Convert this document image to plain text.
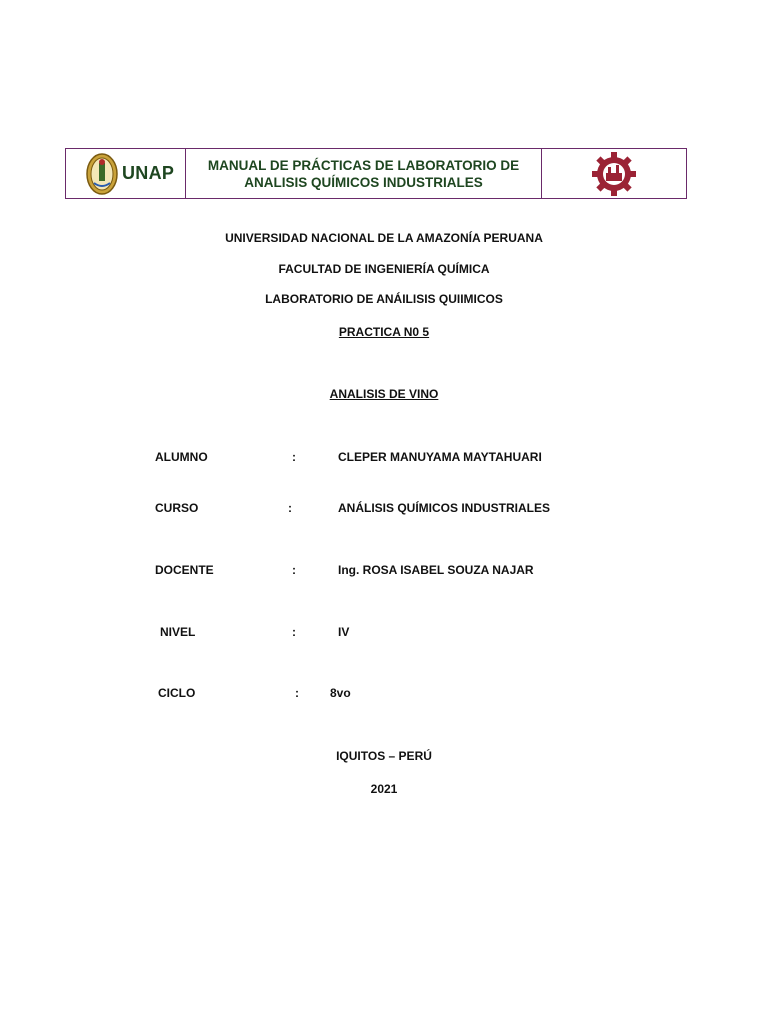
UNAP MANUAL DE PRÁCTICAS DE LABORATORIO DE
ANALISIS QUÍMICOS INDUSTRIALES
UNIVERSIDAD NACIONAL DE LA AMAZONÍA PERUANA
FACULTAD DE INGENIERÍA QUÍMICA
LABORATORIO DE ANÁILISIS QUIIMICOS
PRACTICA N0 5
ANALISIS DE VINO
ALUMNO	:	CLEPER MANUYAMA MAYTAHUARI
CURSO	:	ANÁLISIS QUÍMICOS INDUSTRIALES
DOCENTE	:	Ing. ROSA ISABEL SOUZA NAJAR
NIVEL	:	IV
CICLO	:	8vo
IQUITOS – PERÚ
2021
